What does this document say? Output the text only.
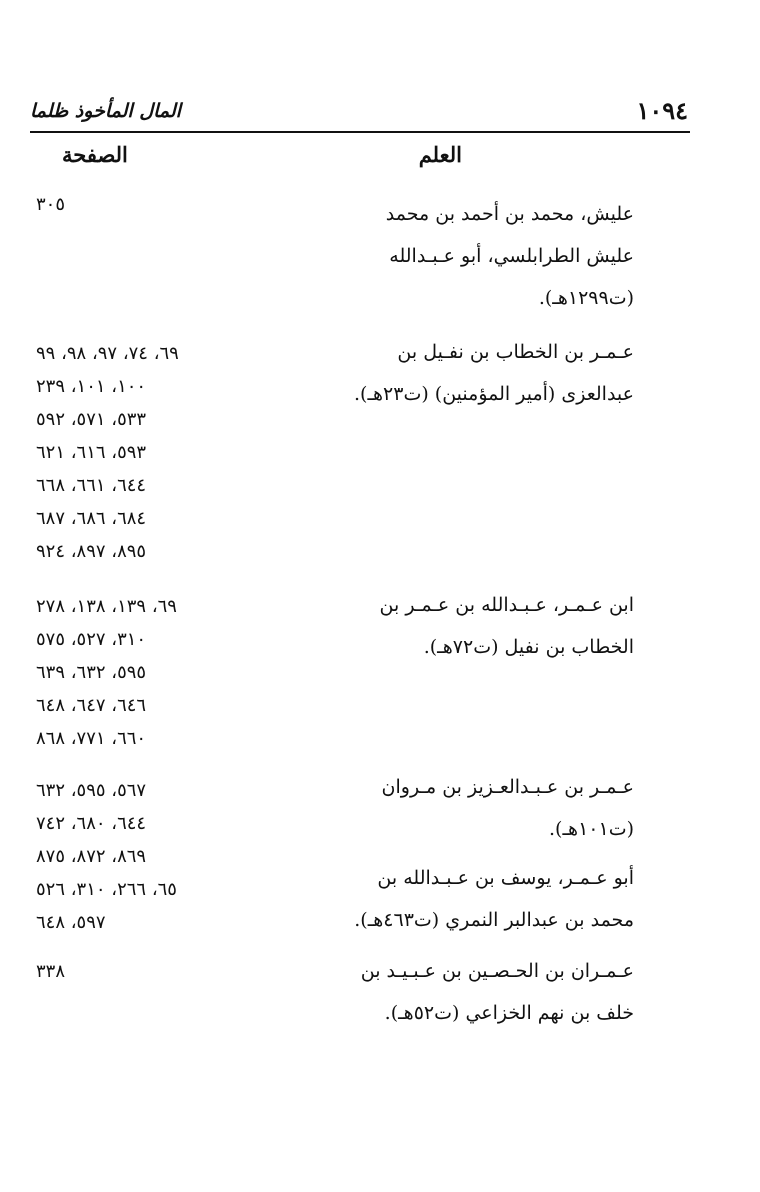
١٠٩٤
المال المأخوذ ظلما
العلم
الصفحة
عليش، محمد بن أحمد بن محمد
عليش الطرابلسي، أبو عـبـدالله
(ت١٢٩٩هـ).
٣٠٥
عـمـر بن الخطاب بن نفـيل بن
عبدالعزى (أمير المؤمنين) (ت٢٣هـ).
٦٩، ٧٤، ٩٧، ٩٨، ٩٩
١٠٠، ١٠١، ٢٣٩
٥٣٣، ٥٧١، ٥٩٢
٥٩٣، ٦١٦، ٦٢١
٦٤٤، ٦٦١، ٦٦٨
٦٨٤، ٦٨٦، ٦٨٧
٨٩٥، ٨٩٧، ٩٢٤
ابن عـمـر، عـبـدالله بن عـمـر بن
الخطاب بن نفيل (ت٧٢هـ).
٦٩، ١٣٩، ١٣٨، ٢٧٨
٣١٠، ٥٢٧، ٥٧٥
٥٩٥، ٦٣٢، ٦٣٩
٦٤٦، ٦٤٧، ٦٤٨
٦٦٠، ٧٧١، ٨٦٨
عـمـر بن عـبـدالعـزيز بن مـروان
(ت١٠١هـ).
٥٦٧، ٥٩٥، ٦٣٢
٦٤٤، ٦٨٠، ٧٤٢
٨٦٩، ٨٧٢، ٨٧٥
٦٥، ٢٦٦، ٣١٠، ٥٢٦
٥٩٧، ٦٤٨
أبو عـمـر، يوسف بن عـبـدالله بن
محمد بن عبدالبر النمري (ت٤٦٣هـ).
عـمـران بن الحـصـين بن عـبـيـد بن
خلف بن نهم الخزاعي (ت٥٢هـ).
٣٣٨
